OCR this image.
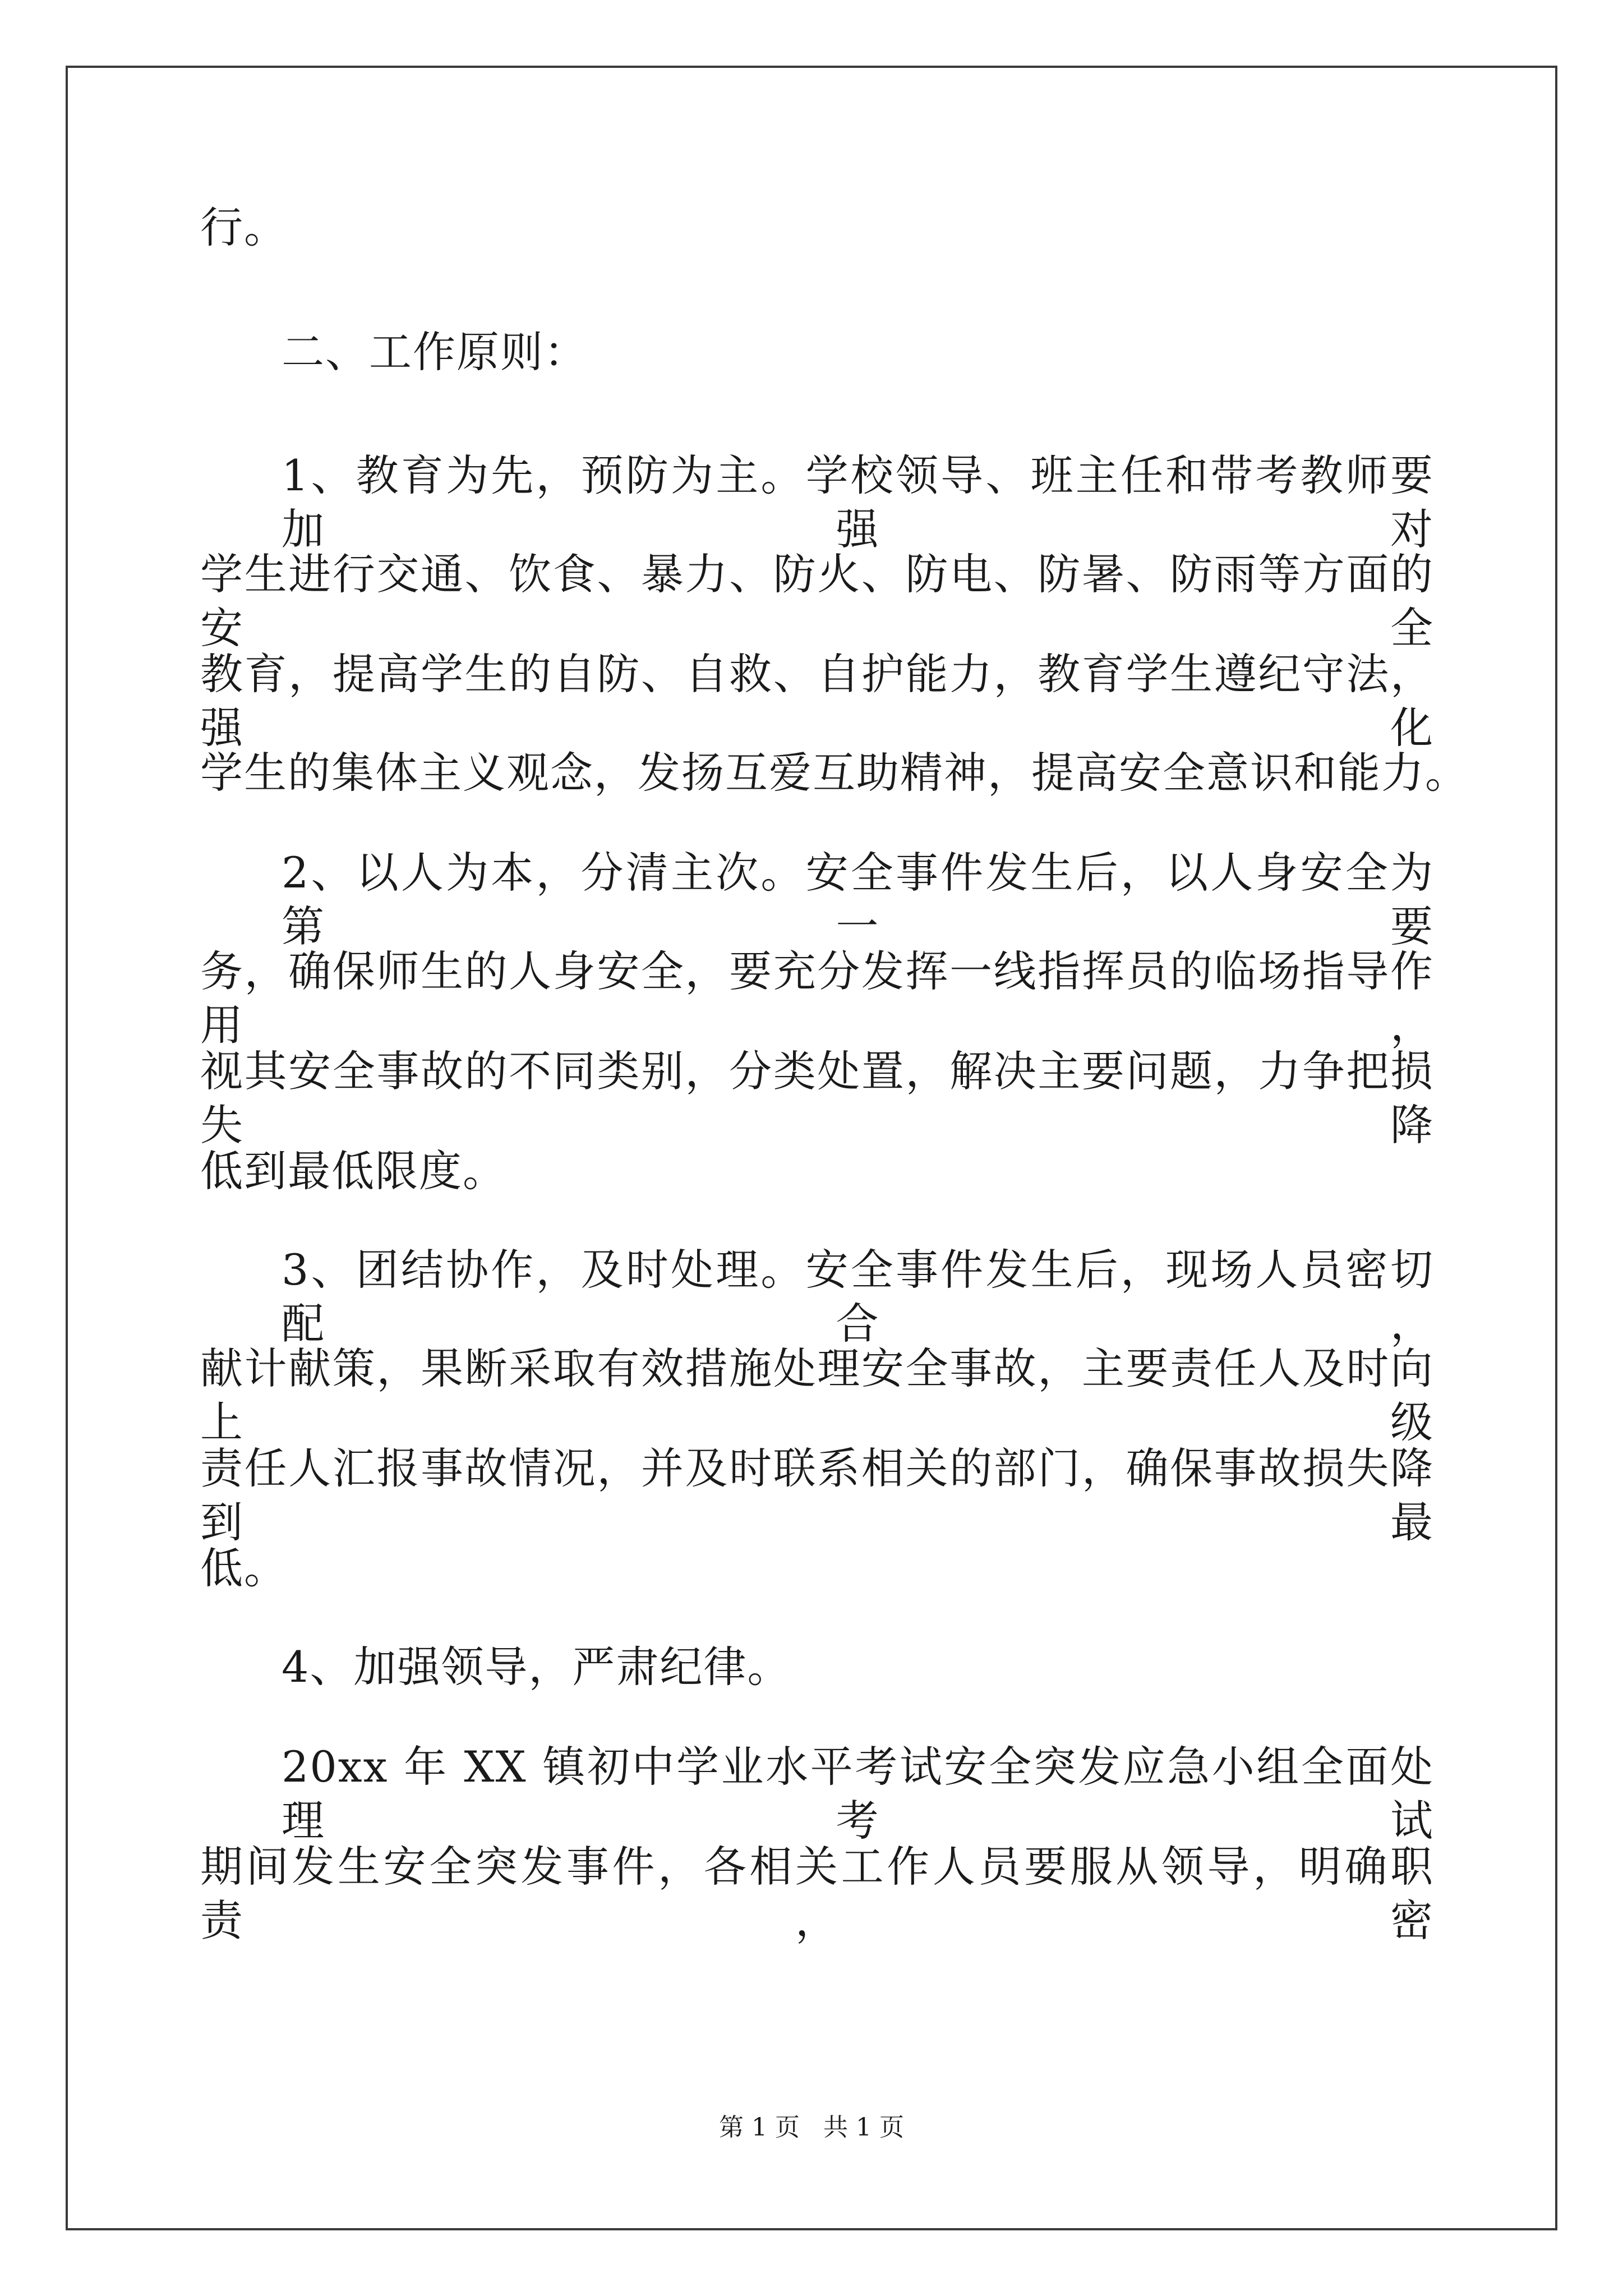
行。
二、工作原则：
1、教育为先，预防为主。学校领导、班主任和带考教师要加强对
学生进行交通、饮食、暴力、防火、防电、防暑、防雨等方面的安全
教育，提高学生的自防、自救、自护能力，教育学生遵纪守法，强化
学生的集体主义观念，发扬互爱互助精神，提高安全意识和能力。
2、以人为本，分清主次。安全事件发生后，以人身安全为第一要
务，确保师生的人身安全，要充分发挥一线指挥员的临场指导作用，
视其安全事故的不同类别，分类处置，解决主要问题，力争把损失降
低到最低限度。
3、团结协作，及时处理。安全事件发生后，现场人员密切配合，
献计献策，果断采取有效措施处理安全事故，主要责任人及时向上级
责任人汇报事故情况，并及时联系相关的部门，确保事故损失降到最
低。
4、加强领导，严肃纪律。
20xx 年 XX 镇初中学业水平考试安全突发应急小组全面处理考试
期间发生安全突发事件，各相关工作人员要服从领导，明确职责，密
第 1 页 共 1 页
